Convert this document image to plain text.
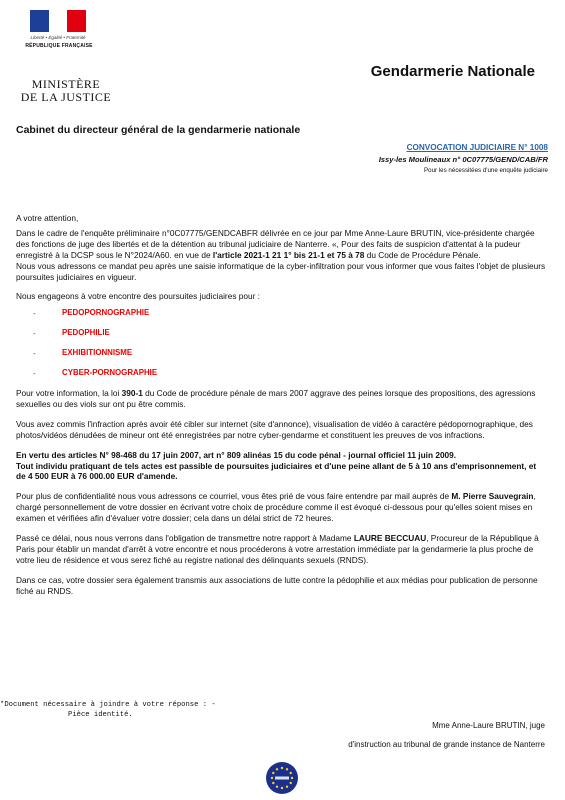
Liberté • Égalité • Fraternité
RÉPUBLIQUE FRANÇAISE
MINISTÈRE
DE LA JUSTICE
Gendarmerie Nationale
Cabinet du directeur général de la gendarmerie nationale
CONVOCATION JUDICIAIRE N° 1008
Issy-les Moulineaux n° 0C07775/GEND/CAB/FR
Pour les nécessitées d'une enquête judiciaire

A votre attention,

Dans le cadre de l'enquête préliminaire n°0C07775/GENDCABFR délivrée en ce jour par Mme Anne-Laure BRUTIN, vice-présidente chargée des fonctions de juge des libertés et de la détention au tribunal judiciaire de Nanterre. «, Pour des faits de suspicion d'attentat à la pudeur enregistré à la DCSP sous le N°2024/A60. en vue de l'article 2021-1 21 1° bis 21-1 et 75 à 78 du Code de Procédure Pénale.

Nous vous adressons ce mandat peu après une saisie informatique de la cyber-infiltration pour vous informer que vous faites l'objet de plusieurs poursuites judiciaires en vigueur.

Nous engageons à votre encontre des poursuites judiciaires pour :

-	PEDOPORNOGRAPHIE
-	PEDOPHILIE
-	EXHIBITIONNISME
-	CYBER-PORNOGRAPHIE

Pour votre information, la loi 390-1 du Code de procédure pénale de mars 2007 aggrave des peines lorsque des propositions, des agressions sexuelles ou des viols sur ont pu être commis.

Vous avez commis l'infraction après avoir été cibler sur internet (site d'annonce), visualisation de vidéo à caractère pédopornographique, des photos/vidéos dénudées de mineur ont été enregistrées par notre cyber-gendarme et constituent les preuves de vos infractions.

En vertu des articles N° 98-468 du 17 juin 2007, art n° 809 alinéas 15 du code pénal - journal officiel 11 juin 2009.

Tout individu pratiquant de tels actes est passible de poursuites judiciaires et d'une peine allant de 5 à 10 ans d'emprisonnement, et de 4 500 EUR à 76 000.00 EUR d'amende.

Pour plus de confidentialité nous vous adressons ce courriel, vous êtes prié de vous faire entendre par mail auprès de M. Pierre Sauvegrain, chargé personnellement de votre dossier en écrivant votre choix de procédure comme il est évoqué ci-dessous pour qu'elles soient mises en examen et vérifiées afin d'évaluer votre dossier; cela dans un délai strict de 72 heures.

Passé ce délai, nous nous verrons dans l'obligation de transmettre notre rapport à Madame LAURE BECCUAU, Procureur de la République à Paris pour établir un mandat d'arrêt à votre encontre et nous procéderons à votre arrestation immédiate par la gendarmerie la plus proche de votre lieu de résidence et vous serez fiché au registre national des délinquants sexuels (RNDS).

Dans ce cas, votre dossier sera également transmis aux associations de lutte contre la pédophilie et aux médias pour publication de personne fiché au RNDS.

*Document nécessaire à joindre à votre réponse : -
Pièce identité.
Mme Anne-Laure BRUTIN, juge
d'instruction au tribunal de grande instance de Nanterre
